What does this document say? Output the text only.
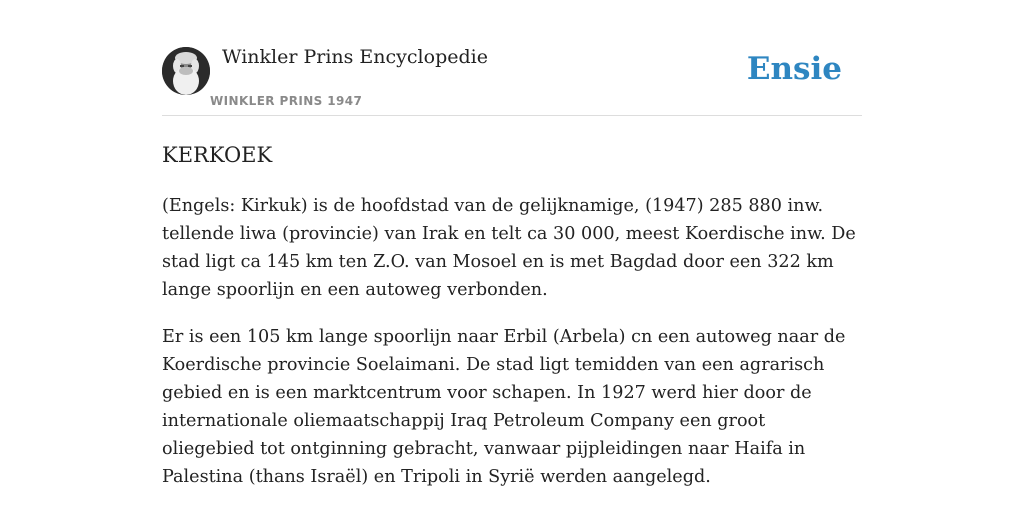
Winkler Prins Encyclopedie
WINKLER PRINS 1947
Ensie
KERKOEK

(Engels: Kirkuk) is de hoofdstad van de gelijknamige, (1947) 285 880 inw. tellende liwa (provincie) van Irak en telt ca 30 000, meest Koerdische inw. De stad ligt ca 145 km ten Z.O. van Mosoel en is met Bagdad door een 322 km lange spoorlijn en een autoweg verbonden.

Er is een 105 km lange spoorlijn naar Erbil (Arbela) cn een autoweg naar de Koerdische provincie Soelaimani. De stad ligt temidden van een agrarisch gebied en is een marktcentrum voor schapen. In 1927 werd hier door de internationale oliemaatschappij Iraq Petroleum Company een groot oliegebied tot ontginning gebracht, vanwaar pijpleidingen naar Haifa in Palestina (thans Israël) en Tripoli in Syrië werden aangelegd.
